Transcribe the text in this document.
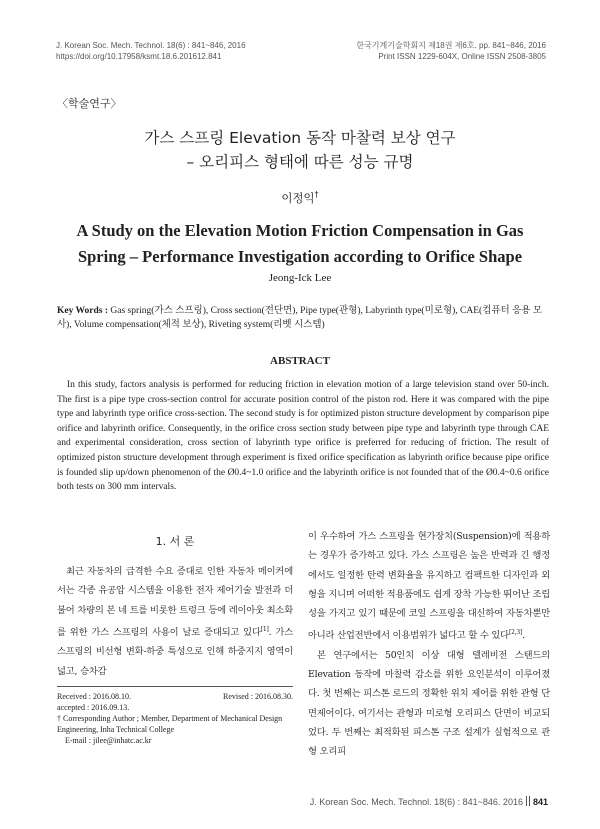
J. Korean Soc. Mech. Technol. 18(6) : 841~846, 2016
https://doi.org/10.17958/ksmt.18.6.201612.841
한국기계기술학회지 제18권 제6호. pp. 841~846, 2016
Print ISSN 1229-604X, Online ISSN 2508-3805
〈학술연구〉
가스 스프링 Elevation 동작 마찰력 보상 연구
– 오리피스 형태에 따른 성능 규명
이정익†
A Study on the Elevation Motion Friction Compensation in Gas
Spring – Performance Investigation according to Orifice Shape
Jeong-Ick Lee
Key Words : Gas spring(가스 스프링), Cross section(전단면), Pipe type(관형), Labyrinth type(미로형), CAE(컴퓨터 응용 모사), Volume compensation(체적 보상), Riveting system(리벳 시스템)
ABSTRACT
In this study, factors analysis is performed for reducing friction in elevation motion of a large television stand over 50-inch. The first is a pipe type cross-section control for accurate position control of the piston rod. Here it was compared with the pipe type and labyrinth type orifice cross-section. The second study is for optimized piston structure development by comparison pipe orifice and labyrinth orifice. Consequently, in the orifice cross section study between pipe type and labyrinth type through CAE and experimental consideration, cross section of labyrinth type orifice is preferred for reducing of friction. The result of optimized piston structure development through experiment is fixed orifice specification as labyrinth orifice because pipe orifice is founded slip up/down phenomenon of the Ø0.4~1.0 orifice and the labyrinth orifice is not founded that of the Ø0.4~0.6 orifice both tests on 300 mm intervals.
1. 서 론

최근 자동차의 급격한 수요 증대로 인한 자동차 메이커에서는 각종 유공압 시스템을 이용한 전자 제어기술 발전과 더불어 차량의 본 네 트를 비롯한 트렁크 등에 레이아웃 최소화를 위한 가스 스프링의 사용이 날로 증대되고 있다[1]. 가스 스프링의 비선형 변화-하중 특성으로 인해 하중지지 영역이 넓고, 승차감

이 우수하여 가스 스프링을 현가장치(Suspension)에 적용하는 경우가 증가하고 있다. 가스 스프링은 높은 반력과 긴 행정에서도 일정한 탄력 변화율을 유지하고 컴팩트한 디자인과 외형을 지니며 어떠한 적용품에도 쉽게 장착 가능한 뛰어난 조립성을 가지고 있기 때문에 코일 스프링을 대신하여 자동차뿐만 아니라 산업전반에서 이용범위가 넓다고 할 수 있다[2,3].

본 연구에서는 50인치 이상 대형 텔레비전 스탠드의 Elevation 동작에 마찰력 감소를 위한 요인분석이 이루어졌다. 첫 번째는 피스톤 로드의 정확한 위치 제어를 위한 관형 단면제어이다. 여기서는 관형과 미로형 오리피스 단면이 비교되었다. 두 번째는 최적화된 피스톤 구조 설계가 실험적으로 관형 오리피

Received : 2016.08.10.	Revised : 2016.08.30.
accepted : 2016.09.13.
† Corresponding Author ; Member, Department of Mechanical Design Engineering, Inha Technical College
E-mail : jilee@inhatc.ac.kr
J. Korean Soc. Mech. Technol. 18(6) : 841~846. 2016 841
